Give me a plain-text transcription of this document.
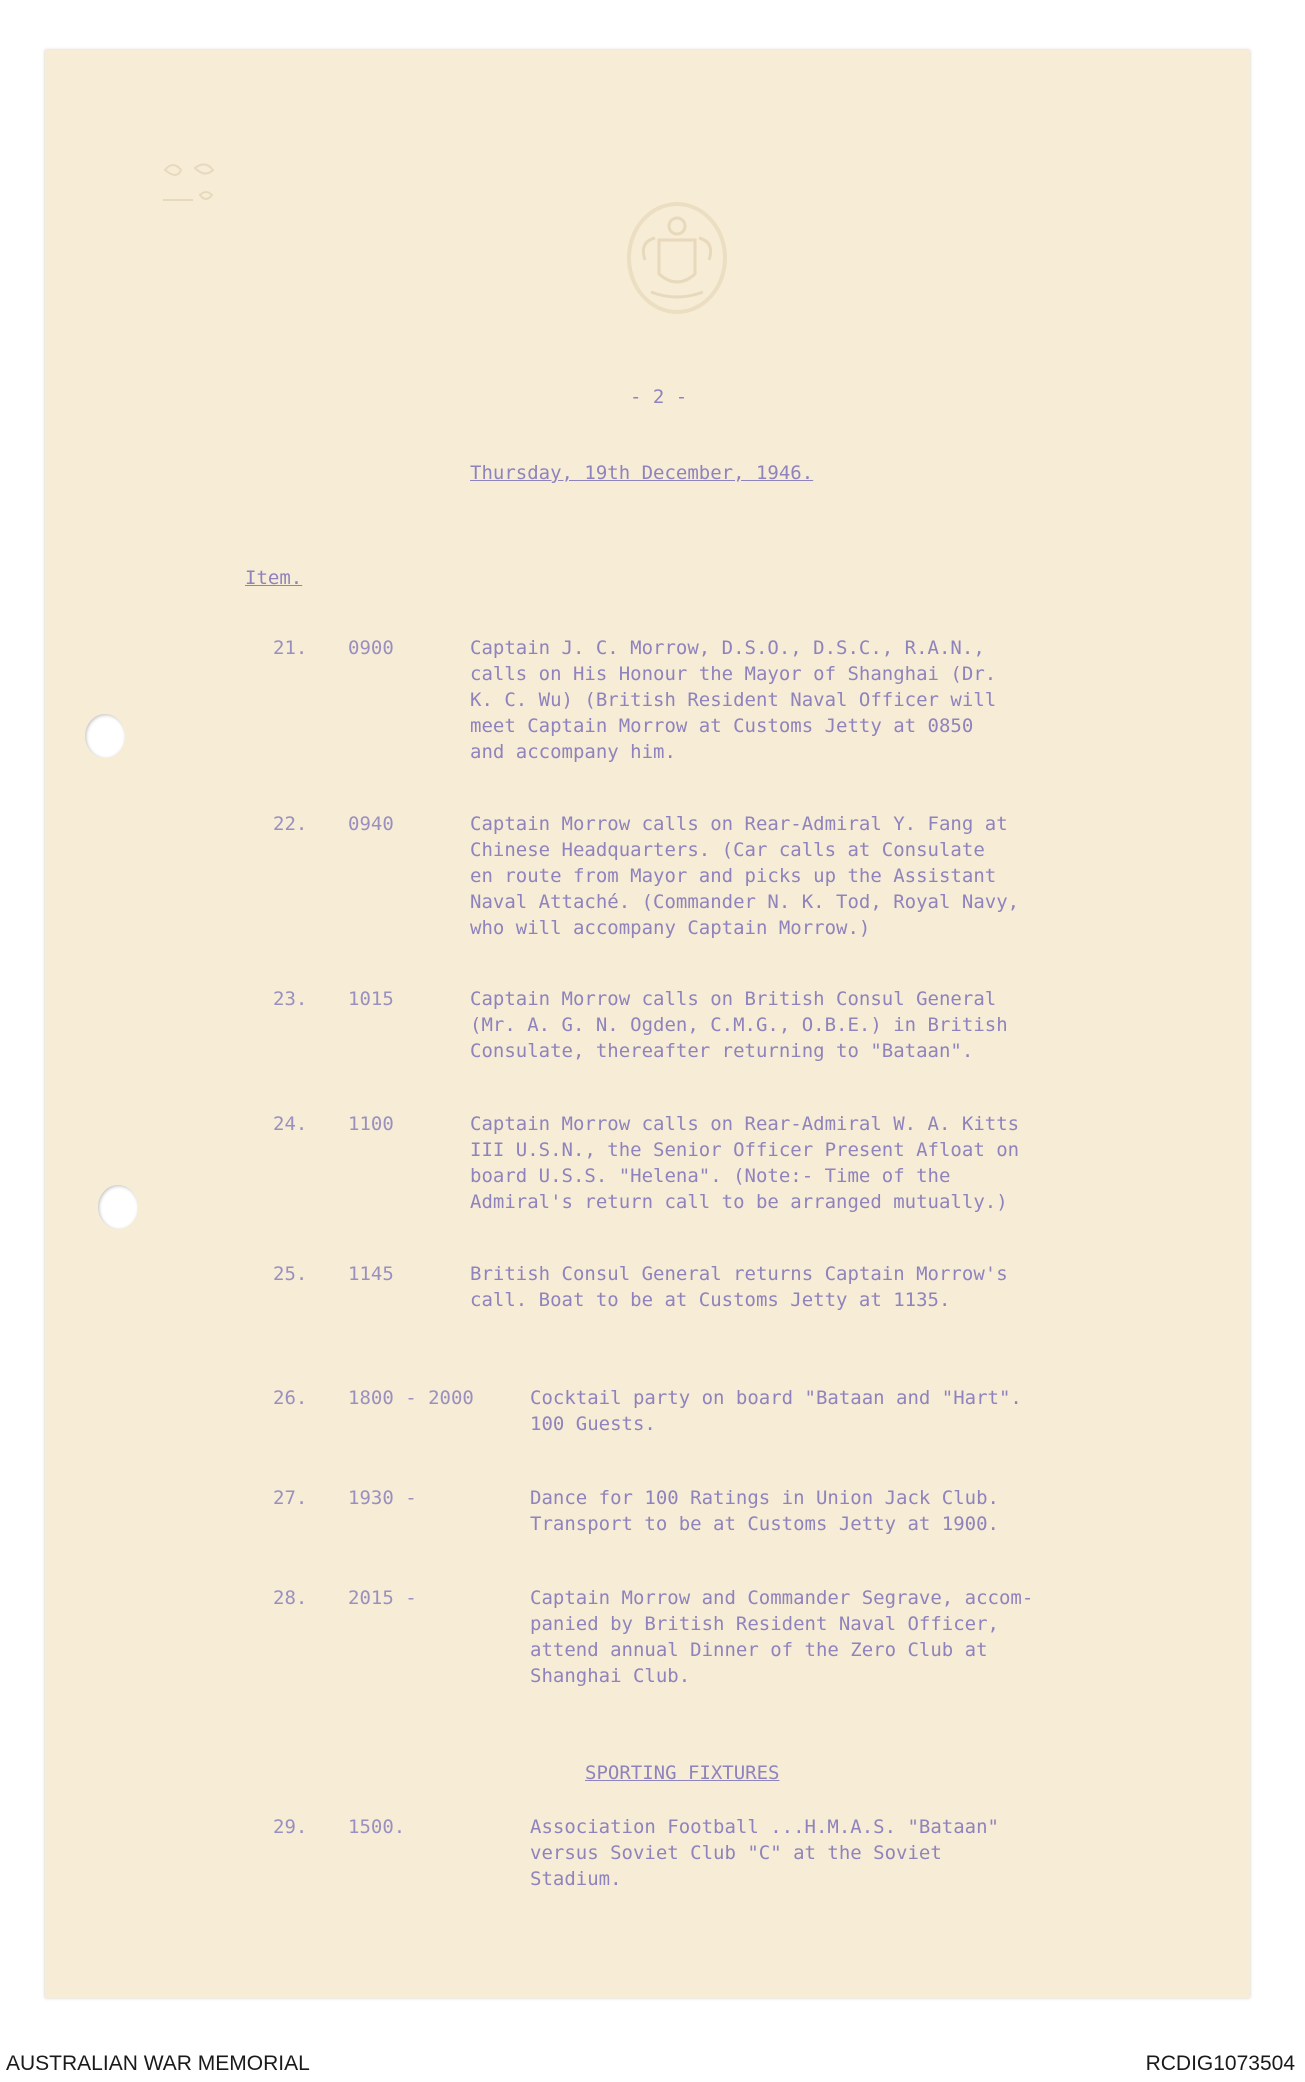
- 2 -

Thursday, 19th December, 1946.

Item.

21. 0900	Captain J. C. Morrow, D.S.O., D.S.C., R.A.N.,
calls on His Honour the Mayor of Shanghai (Dr.
K. C. Wu) (British Resident Naval Officer will
meet Captain Morrow at Customs Jetty at 0850
and accompany him.
22. 0940	Captain Morrow calls on Rear-Admiral Y. Fang at
Chinese Headquarters. (Car calls at Consulate
en route from Mayor and picks up the Assistant
Naval Attaché. (Commander N. K. Tod, Royal Navy,
who will accompany Captain Morrow.)
23. 1015	Captain Morrow calls on British Consul General
(Mr. A. G. N. Ogden, C.M.G., O.B.E.) in British
Consulate, thereafter returning to "Bataan".
24. 1100	Captain Morrow calls on Rear-Admiral W. A. Kitts
III U.S.N., the Senior Officer Present Afloat on
board U.S.S. "Helena". (Note:- Time of the
Admiral's return call to be arranged mutually.)
25. 1145	British Consul General returns Captain Morrow's
call. Boat to be at Customs Jetty at 1135.
26. 1800 - 2000	Cocktail party on board "Bataan and "Hart".
100 Guests.
27. 1930 -	Dance for 100 Ratings in Union Jack Club.
Transport to be at Customs Jetty at 1900.
28. 2015 -	Captain Morrow and Commander Segrave, accom-
panied by British Resident Naval Officer,
attend annual Dinner of the Zero Club at
Shanghai Club.

SPORTING FIXTURES

29. 1500.	Association Football ...H.M.A.S. "Bataan"
versus Soviet Club "C" at the Soviet
Stadium.
AUSTRALIAN WAR MEMORIAL	RCDIG1073504
